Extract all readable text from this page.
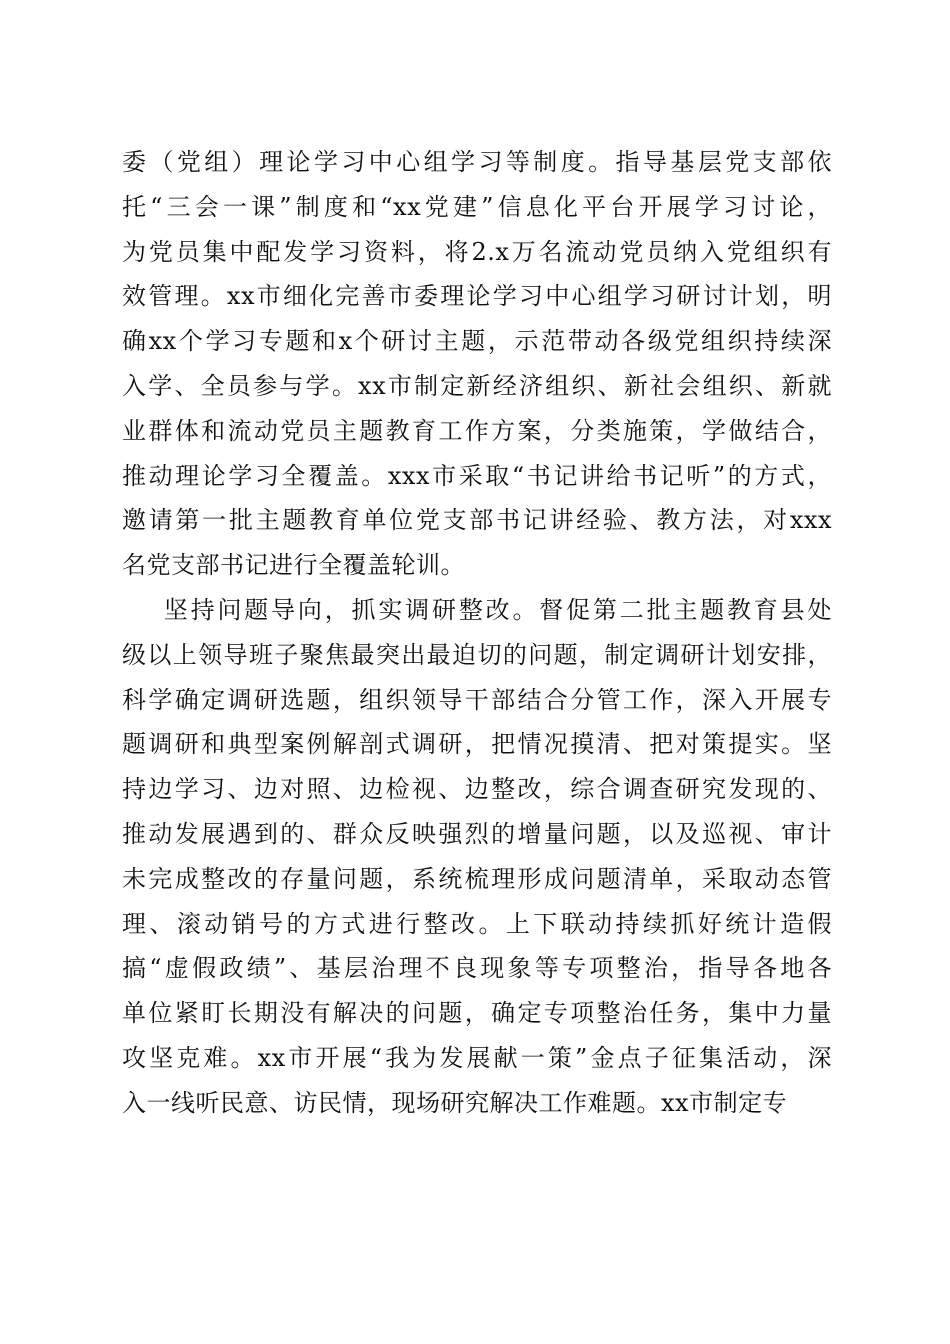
委（党组）理论学习中心组学习等制度。指导基层党支部依
托“三会一课”制度和“xx党建”信息化平台开展学习讨论，
为党员集中配发学习资料，将2.x万名流动党员纳入党组织有
效管理。xx市细化完善市委理论学习中心组学习研讨计划，明
确xx个学习专题和x个研讨主题，示范带动各级党组织持续深
入学、全员参与学。xx市制定新经济组织、新社会组织、新就
业群体和流动党员主题教育工作方案，分类施策，学做结合，
推动理论学习全覆盖。xxx市采取“书记讲给书记听”的方式，
邀请第一批主题教育单位党支部书记讲经验、教方法，对xxx
名党支部书记进行全覆盖轮训。
坚持问题导向，抓实调研整改。督促第二批主题教育县处
级以上领导班子聚焦最突出最迫切的问题，制定调研计划安排，
科学确定调研选题，组织领导干部结合分管工作，深入开展专
题调研和典型案例解剖式调研，把情况摸清、把对策提实。坚
持边学习、边对照、边检视、边整改，综合调查研究发现的、
推动发展遇到的、群众反映强烈的增量问题，以及巡视、审计
未完成整改的存量问题，系统梳理形成问题清单，采取动态管
理、滚动销号的方式进行整改。上下联动持续抓好统计造假
搞“虚假政绩”、基层治理不良现象等专项整治，指导各地各
单位紧盯长期没有解决的问题，确定专项整治任务，集中力量
攻坚克难。xx市开展“我为发展献一策”金点子征集活动，深
入一线听民意、访民情，现场研究解决工作难题。xx市制定专
